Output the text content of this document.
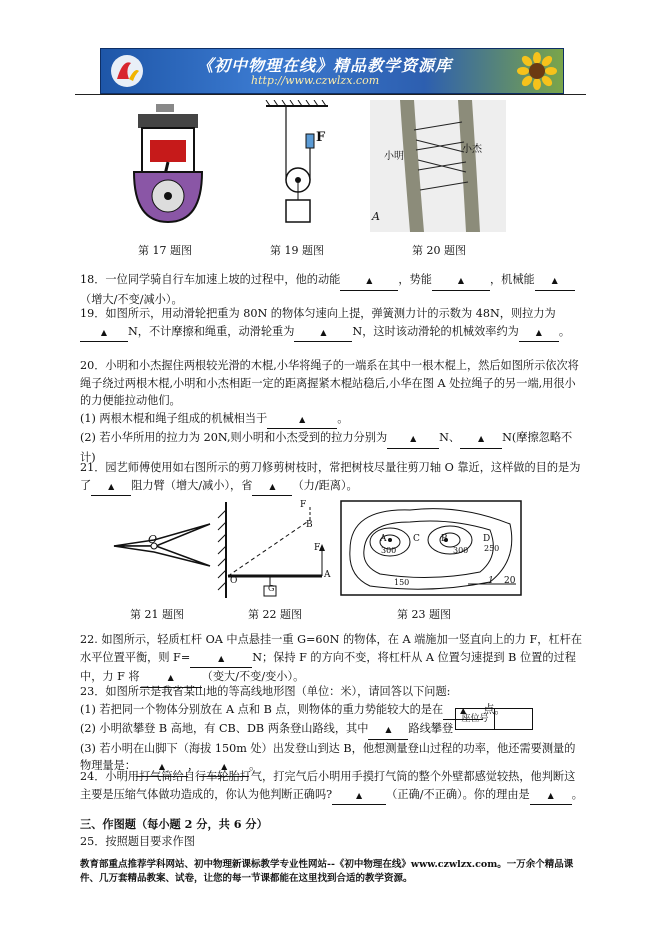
《初中物理在线》精品教学资源库
http://www.czwlzx.com
第 17 题图
F
第 19 题图
小明
小杰
A
第 20 题图
18．一位同学骑自行车加速上坡的过程中，他的动能	▲ ，势能	▲ ，机械能 ▲（增大/不变/减小）。
19．如图所示，用动滑轮把重为 80N 的物体匀速向上提，弹簧测力计的示数为 48N，则拉力为▲ N，不计摩擦和绳重，动滑轮重为	▲ N，这时该动滑轮的机械效率约为 ▲ 。
20．小明和小杰握住两根较光滑的木棍,小华将绳子的一端系在其中一根木棍上，然后如图所示依次将绳子绕过两根木棍,小明和小杰相距一定的距离握紧木棍站稳后,小华在图 A 处拉绳子的另一端,用很小的力便能拉动他们。
(1) 两根木棍和绳子组成的机械相当于	▲	。
(2) 若小华所用的拉力为 20N,则小明和小杰受到的拉力分别为	▲ N、 ▲ N(摩擦忽略不计)
21．园艺师傅使用如右图所示的剪刀修剪树枝时，常把树枝尽量往剪刀轴 O 靠近，这样做的目的是为了 ▲ 阻力臂（增大/减小），省 ▲ （力/距离）。
O
第 21 题图
B
F
F
A
O
G
第 22 题图
A	C B	D
300	300 250
150	1 20
第 23 题图
22. 如图所示，轻质杠杆 OA 中点悬挂一重 G=60N 的物体，在 A 端施加一竖直向上的力 F，杠杆在水平位置平衡，则 F=	▲ N；保持 F 的方向不变，将杠杆从 A 位置匀速提到 B 位置的过程中，力 F 将	▲ （变大/不变/变小）。
23．如图所示是我省某山地的等高线地形图（单位：米），请回答以下问题:
(1) 若把同一个物体分别放在 A 点和 B 点，则物体的重力势能较大的是在 ▲ 点。
(2) 小明欲攀登 B 高地，有 CB、DB 两条登山路线，其中 ▲ 路线攀登
(3) 若小明在山脚下（海拔 150m 处）出发登山到达 B，他想测量登山过程的功率，他还需要测量的物理量是：	▲ ，	▲ 。
座位号
24．小明用打气筒给自行车轮胎打气，打完气后小明用手摸打气筒的整个外壁都感觉较热，他判断这主要是压缩气体做功造成的，你认为他判断正确吗?	▲ （正确/不正确）。你的理由是 ▲ 。
三、作图题（每小题 2 分，共 6 分）
25．按照题目要求作图
教育部重点推荐学科网站、初中物理新课标教学专业性网站--《初中物理在线》www.czwlzx.com。一万余个精品课件、几万套精品教案、试卷，让您的每一节课都能在这里找到合适的教学资源。
